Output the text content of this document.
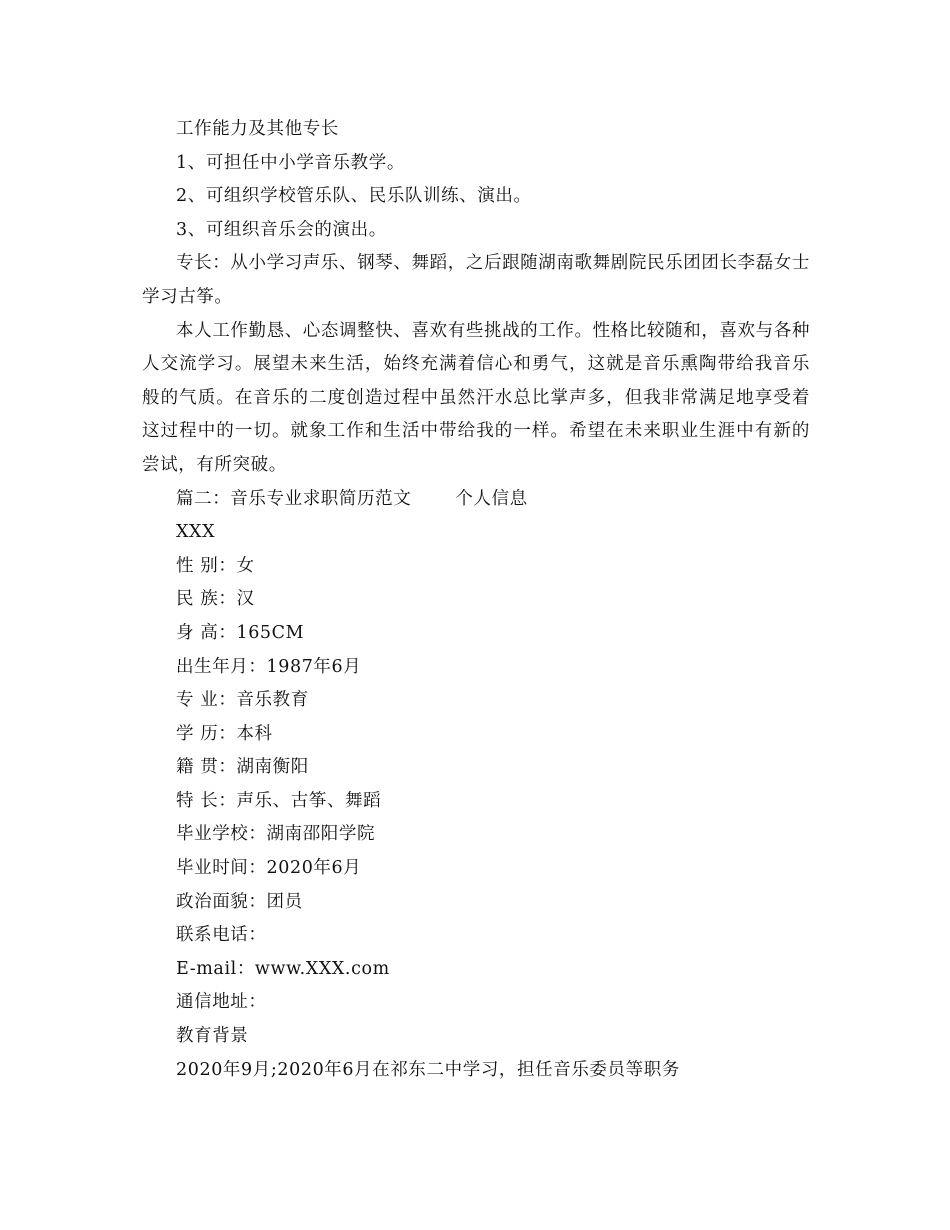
工作能力及其他专长
1、可担任中小学音乐教学。
2、可组织学校管乐队、民乐队训练、演出。
3、可组织音乐会的演出。

专长：从小学习声乐、钢琴、舞蹈，之后跟随湖南歌舞剧院民乐团团长李磊女士学习古筝。

本人工作勤恳、心态调整快、喜欢有些挑战的工作。性格比较随和，喜欢与各种人交流学习。展望未来生活，始终充满着信心和勇气，这就是音乐熏陶带给我音乐般的气质。在音乐的二度创造过程中虽然汗水总比掌声多，但我非常满足地享受着这过程中的一切。就象工作和生活中带给我的一样。希望在未来职业生涯中有新的尝试，有所突破。

篇二：音乐专业求职简历范文	个人信息
XXX
性 别：女
民 族：汉
身 高：165CM
出生年月：1987年6月
专 业：音乐教育
学 历：本科
籍 贯：湖南衡阳
特 长：声乐、古筝、舞蹈
毕业学校：湖南邵阳学院
毕业时间：2020年6月
政治面貌：团员
联系电话：
E-mail：www.XXX.com
通信地址：
教育背景
2020年9月;2020年6月在祁东二中学习，担任音乐委员等职务
